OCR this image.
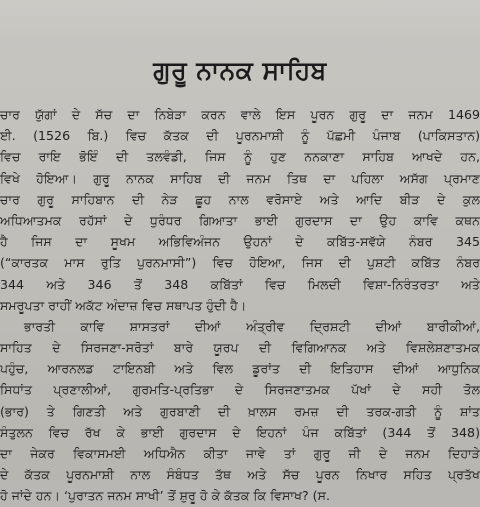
ਗੁਰੂ ਨਾਨਕ ਸਾਹਿਬ
ਚਾਰ ਯੁੱਗਾਂ ਦੇ ਸੱਚ ਦਾ ਨਿਬੇੜਾ ਕਰਨ ਵਾਲੇ ਇਸ ਪੂਰਨ ਗੁਰੂ ਦਾ ਜਨਮ 1469
ਈ. (1526 ਬਿ.) ਵਿਚ ਕੱਤਕ ਦੀ ਪੂਰਨਮਾਸ਼ੀ ਨੂੰ ਪੱਛਮੀ ਪੰਜਾਬ (ਪਾਕਿਸਤਾਨ)
ਵਿਚ ਰਾਇ ਭੋਇੰ ਦੀ ਤਲਵੰਡੀ, ਜਿਸ ਨੂੰ ਹੁਣ ਨਨਕਾਣਾ ਸਾਹਿਬ ਆਖਦੇ ਹਨ,
ਵਿਖੇ ਹੋਇਆ। ਗੁਰੂ ਨਾਨਕ ਸਾਹਿਬ ਦੀ ਜਨਮ ਤਿਥ ਦਾ ਪਹਿਲਾ ਅਸੱਗ ਪ੍ਰਮਾਣ
ਚਾਰ ਗੁਰੂ ਸਾਹਿਬਾਨ ਦੀ ਨੇੜ ਛੂਹ ਨਾਲ ਵਰੋਸਾਏ ਅਤੇ ਆਦਿ ਬੀੜ ਦੇ ਕੁਲ
ਅਧਿਆਤਮਕ ਰਹੱਸਾਂ ਦੇ ਧੁਰੰਧਰ ਗਿਆਤਾ ਭਾਈ ਗੁਰਦਾਸ ਦਾ ਉਹ ਕਾਵਿ ਕਥਨ
ਹੈ ਜਿਸ ਦਾ ਸੂਖਮ ਅਭਿਵਿਅੰਜਨ ਉਹਨਾਂ ਦੇ ਕਬਿੱਤ-ਸਵੱਯੇ ਨੰਬਰ 345
(“ਕਾਰਤਕ ਮਾਸ ਰੁਤਿ ਪੁਰਨਮਾਸੀ”) ਵਿਚ ਹੋਇਆ, ਜਿਸ ਦੀ ਪੁਸ਼ਟੀ ਕਬਿੱਤ ਨੰਬਰ
344 ਅਤੇ 346 ਤੋਂ 348 ਕਬਿੱਤਾਂ ਵਿਚ ਮਿਲਦੀ ਵਿਸ਼ਾ-ਨਿਰੰਤਰਤਾ ਅਤੇ
ਸਮਰੂਪਤਾ ਰਾਹੀਂ ਅਕੱਟ ਅੰਦਾਜ਼ ਵਿਚ ਸਥਾਪਤ ਹੁੰਦੀ ਹੈ।
ਭਾਰਤੀ ਕਾਵਿ ਸ਼ਾਸਤਰਾਂ ਦੀਆਂ ਅੰਤ੍ਰੀਵ ਦ੍ਰਿਸ਼ਟੀ ਦੀਆਂ ਬਾਰੀਕੀਆਂ,
ਸਾਹਿਤ ਦੇ ਸਿਰਜਣਾ-ਸਰੋਤਾਂ ਬਾਰੇ ਯੂਰਪ ਦੀ ਵਿਗਿਆਨਕ ਅਤੇ ਵਿਸ਼ਲੇਸ਼ਣਾਤਮਕ
ਪਹੁੰਚ, ਆਰਨਲਡ ਟਾਇਨਬੀ ਅਤੇ ਵਿਲ ਡੂਰਾਂਤ ਦੀ ਇਤਿਹਾਸ ਦੀਆਂ ਆਧੁਨਿਕ
ਸਿਧਾਂਤ ਪ੍ਰਣਾਲੀਆਂ, ਗੁਰਮਤਿ-ਪ੍ਰਤਿਭਾ ਦੇ ਸਿਰਜਣਾਤਮਕ ਪੱਖਾਂ ਦੇ ਸਹੀ ਤੋਲ
(ਭਾਰ) ਤੇ ਗਿਣਤੀ ਅਤੇ ਗੁਰਬਾਣੀ ਦੀ ਖ਼ਾਲਸ ਰਮਜ਼ ਦੀ ਤਰਕ-ਗਤੀ ਨੂੰ ਸ਼ਾਂਤ
ਸੰਤੁਲਨ ਵਿਚ ਰੱਖ ਕੇ ਭਾਈ ਗੁਰਦਾਸ ਦੇ ਇਹਨਾਂ ਪੰਜ ਕਬਿੱਤਾਂ (344 ਤੋਂ 348)
ਦਾ ਜੇਕਰ ਵਿਕਾਸਮਈ ਅਧਿਐਨ ਕੀਤਾ ਜਾਵੇ ਤਾਂ ਗੁਰੂ ਜੀ ਦੇ ਜਨਮ ਦਿਹਾੜੇ
ਦੇ ਕੱਤਕ ਪੂਰਨਮਾਸ਼ੀ ਨਾਲ ਸੰਬੰਧਤ ਤੱਥ ਅਤੇ ਸੱਚ ਪੂਰਨ ਨਿਖਾਰ ਸਹਿਤ ਪ੍ਰਤੱਖ
ਹੋ ਜਾਂਦੇ ਹਨ। ‘ਪੁਰਾਤਨ ਜਨਮ ਸਾਖੀ’ ਤੋਂ ਸ਼ੁਰੂ ਹੋ ਕੇ ਕੱਤਕ ਕਿ ਵਿਸਾਖ? (ਸ.
